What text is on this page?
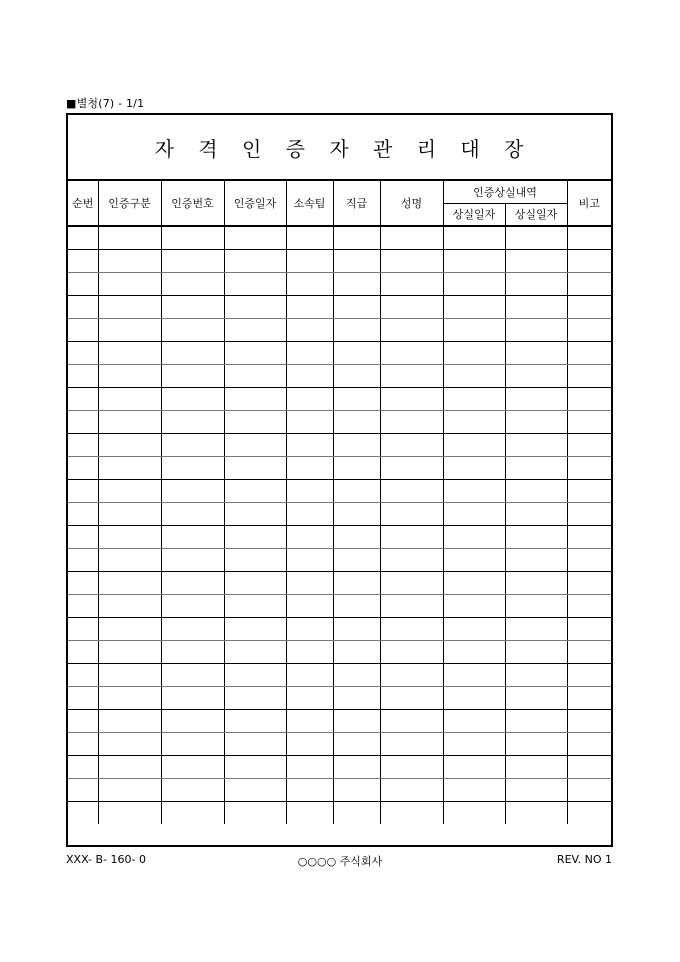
■별청(7) - 1/1
자 격 인 증 자 관 리 대 장
순번	인증구분	인증번호	인증일자	소속팀	직급	성명	인증상실내역		비고
							상실일자	상실일자	

XXX- B- 160- 0	○○○○ 주식회사	REV. NO 1
